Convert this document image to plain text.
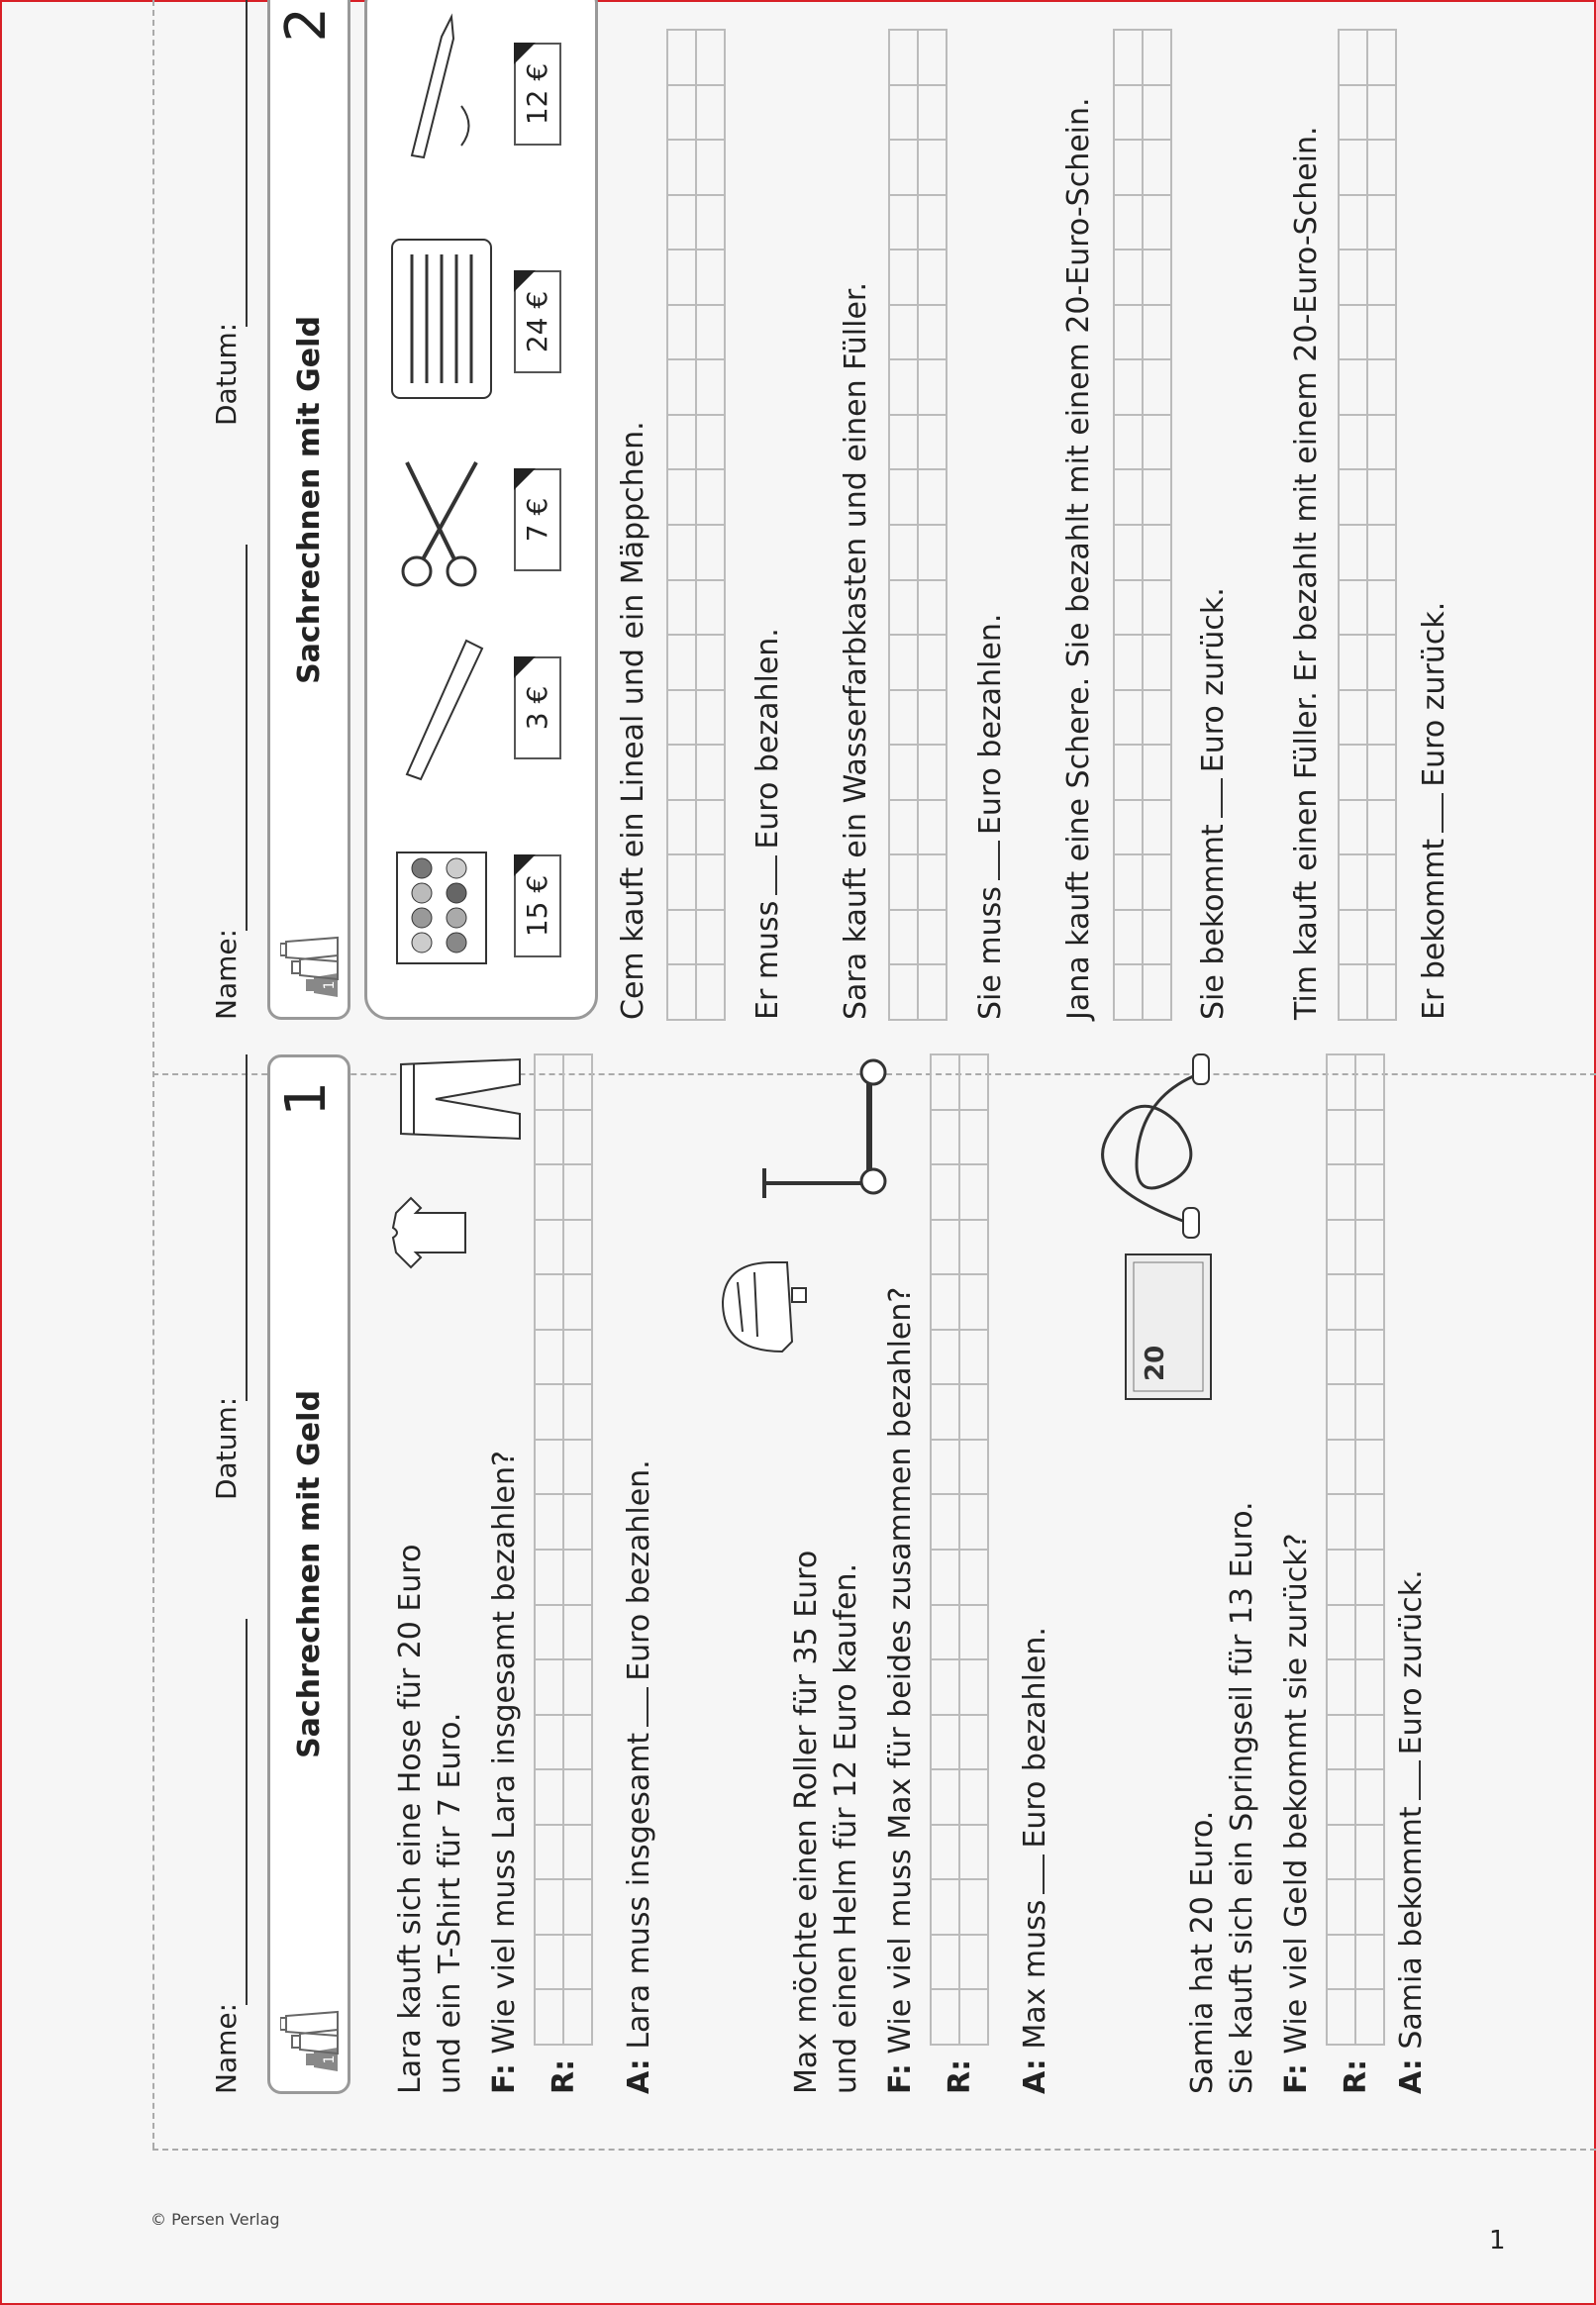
© Persen Verlag
1
Name:
Datum:
1
Sachrechnen mit Geld
1
Lara kauft sich eine Hose für 20 Euro und ein T-Shirt für 7 Euro. F: Wie viel muss Lara insgesamt bezahlen?
R: A: Lara muss insgesamtEuro bezahlen.	Max möchte einen Roller für 35 Euro und einen Helm für 12 Euro kaufen. F: Wie viel muss Max für beides zusammen bezahlen?
R: A: Max mussEuro bezahlen.
20
Samia hat 20 Euro. Sie kauft sich ein Springseil für 13 Euro. F: Wie viel Geld bekommt sie zurück?
R: A: Samia bekommtEuro zurück.
Name:
Datum:
1
Sachrechnen mit Geld
2
15 €
3 €
7 €
24 €
12 €
Cem kauft ein Lineal und ein Mäppchen.	Er mussEuro bezahlen. Sara kauft ein Wasserfarbkasten und einen Füller.	Sie mussEuro bezahlen. Jana kauft eine Schere. Sie bezahlt mit einem 20-Euro-Schein.	Sie bekommtEuro zurück. Tim kauft einen Füller. Er bezahlt mit einem 20-Euro-Schein.	Er bekommtEuro zurück.
